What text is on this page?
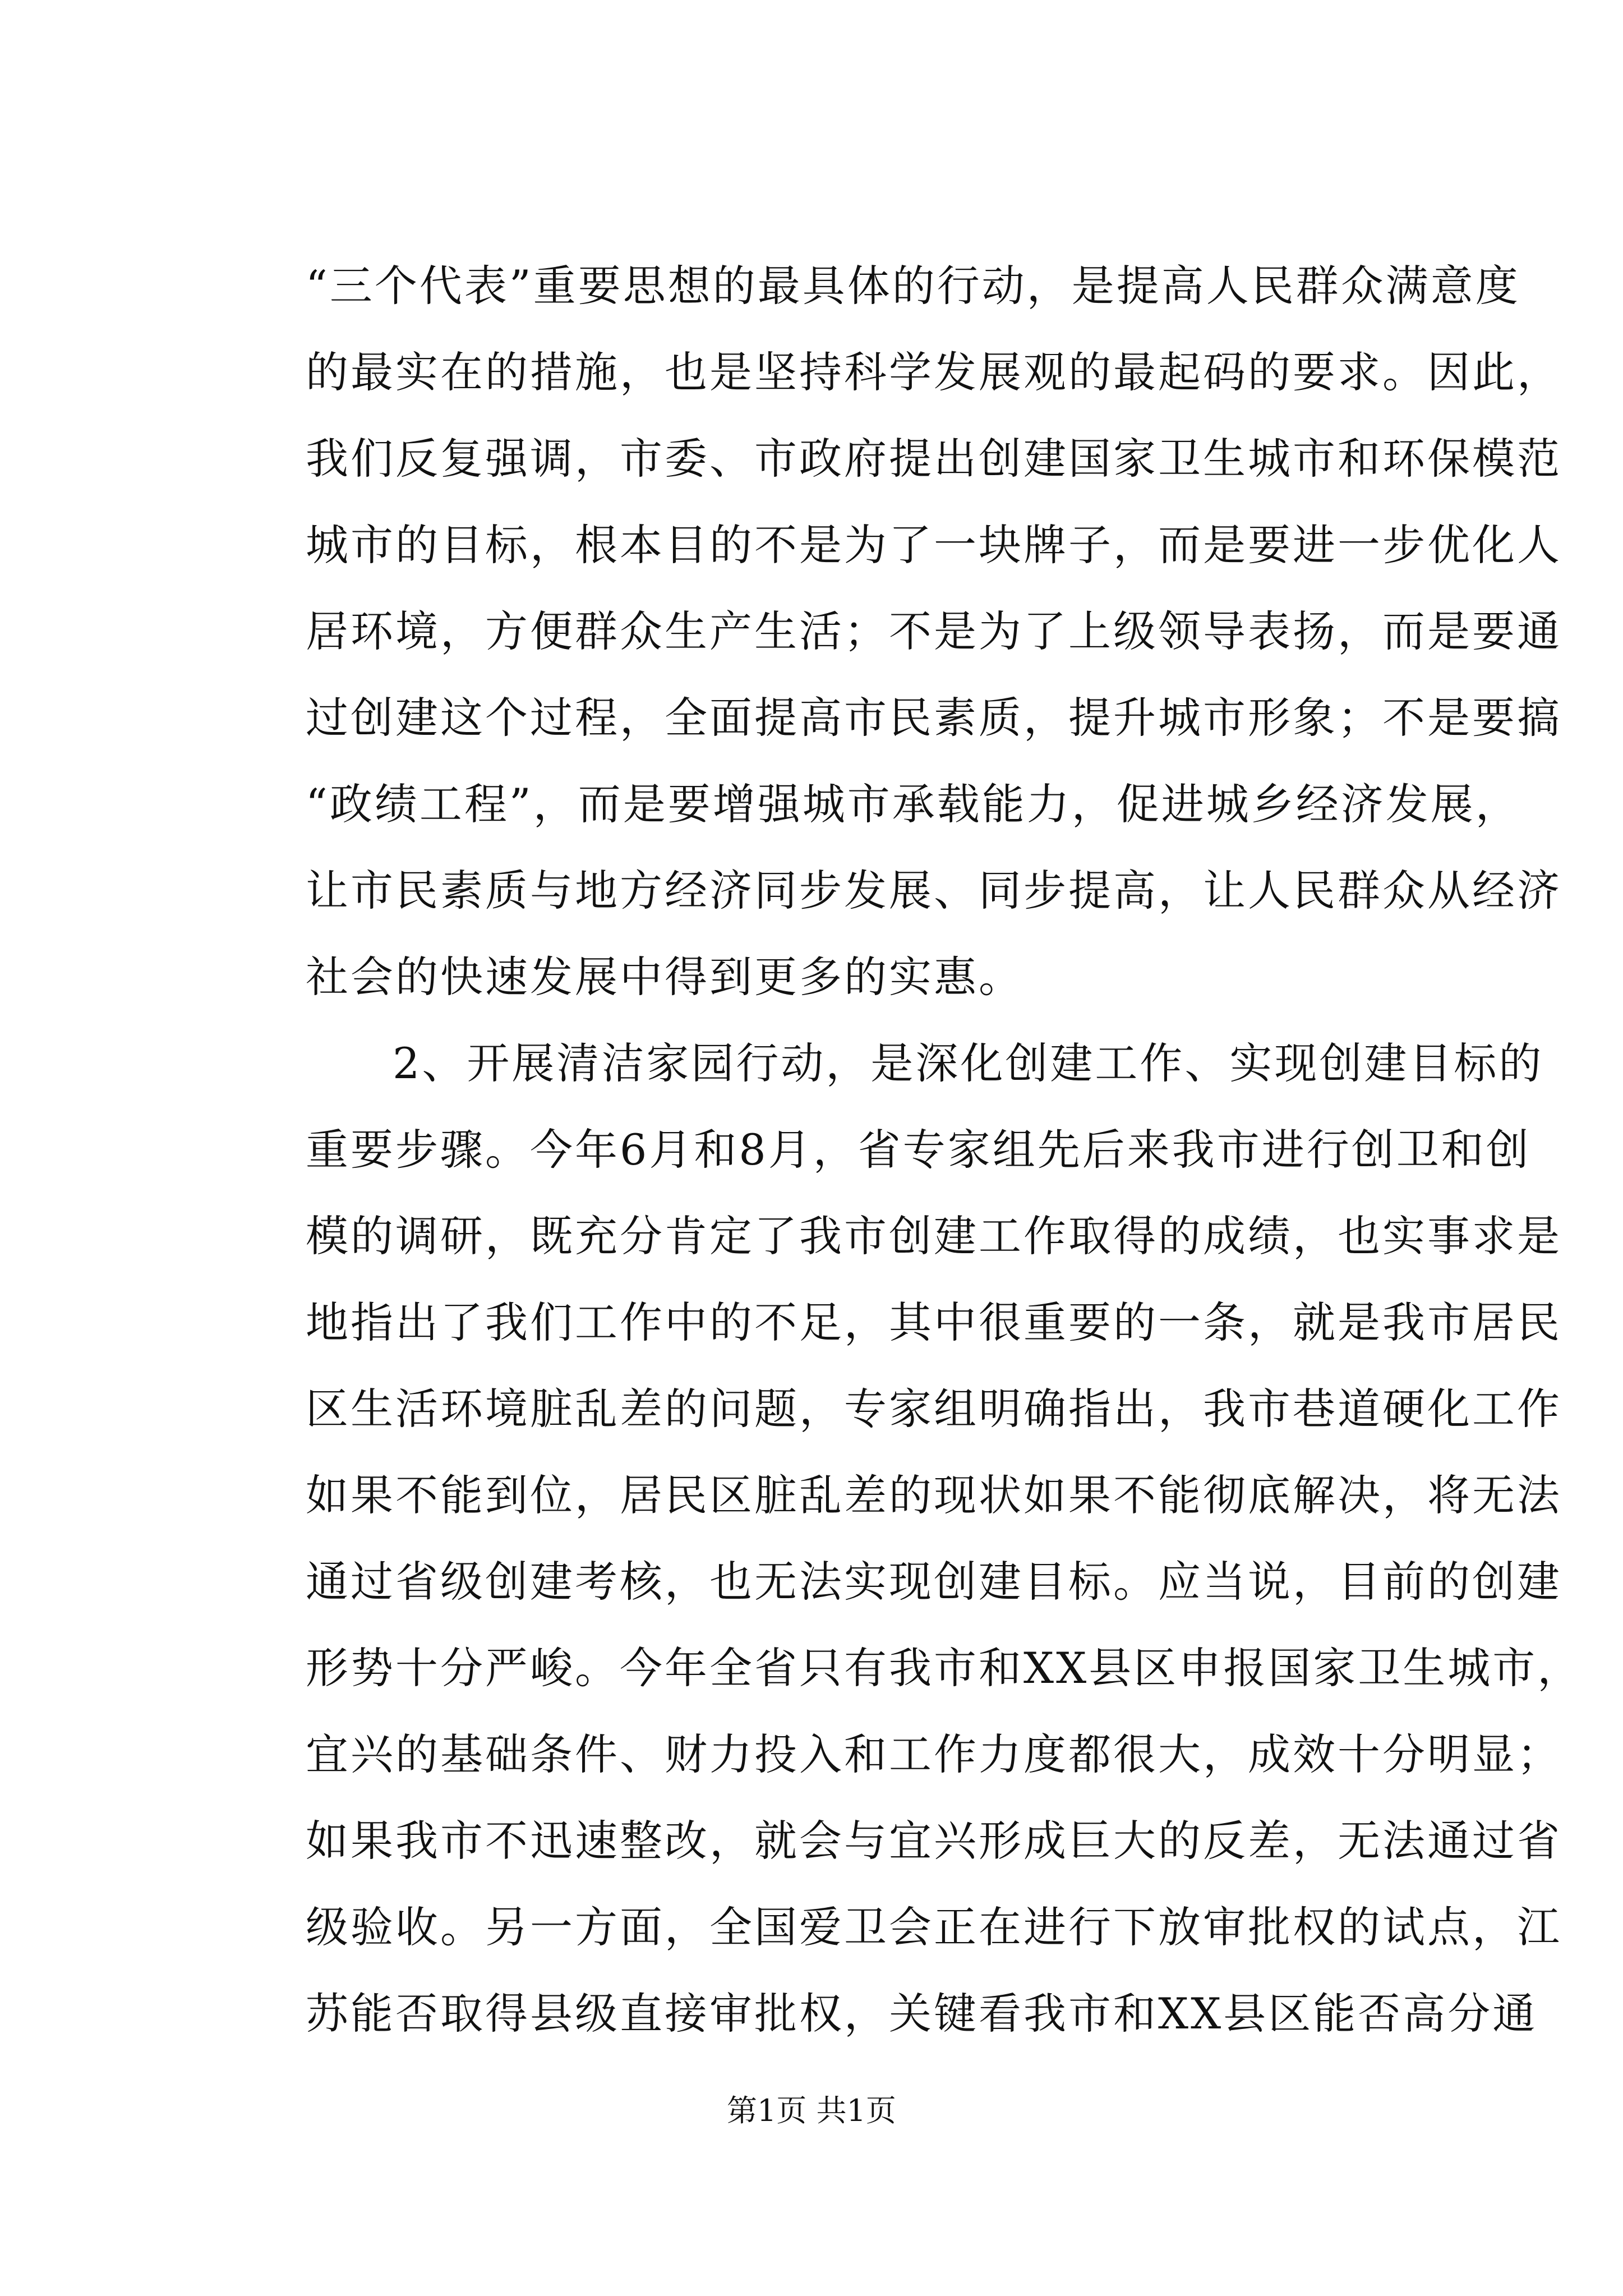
“三个代表”重要思想的最具体的行动，是提高人民群众满意度
的最实在的措施，也是坚持科学发展观的最起码的要求。因此，
我们反复强调，市委、市政府提出创建国家卫生城市和环保模范
城市的目标，根本目的不是为了一块牌子，而是要进一步优化人
居环境，方便群众生产生活；不是为了上级领导表扬，而是要通
过创建这个过程，全面提高市民素质，提升城市形象；不是要搞
“政绩工程”，而是要增强城市承载能力，促进城乡经济发展，
让市民素质与地方经济同步发展、同步提高，让人民群众从经济
社会的快速发展中得到更多的实惠。
2、开展清洁家园行动，是深化创建工作、实现创建目标的
重要步骤。今年6月和8月，省专家组先后来我市进行创卫和创
模的调研，既充分肯定了我市创建工作取得的成绩，也实事求是
地指出了我们工作中的不足，其中很重要的一条，就是我市居民
区生活环境脏乱差的问题，专家组明确指出，我市巷道硬化工作
如果不能到位，居民区脏乱差的现状如果不能彻底解决，将无法
通过省级创建考核，也无法实现创建目标。应当说，目前的创建
形势十分严峻。今年全省只有我市和XX县区申报国家卫生城市，
宜兴的基础条件、财力投入和工作力度都很大，成效十分明显；
如果我市不迅速整改，就会与宜兴形成巨大的反差，无法通过省
级验收。另一方面，全国爱卫会正在进行下放审批权的试点，江
苏能否取得县级直接审批权，关键看我市和XX县区能否高分通
第1页 共1页
